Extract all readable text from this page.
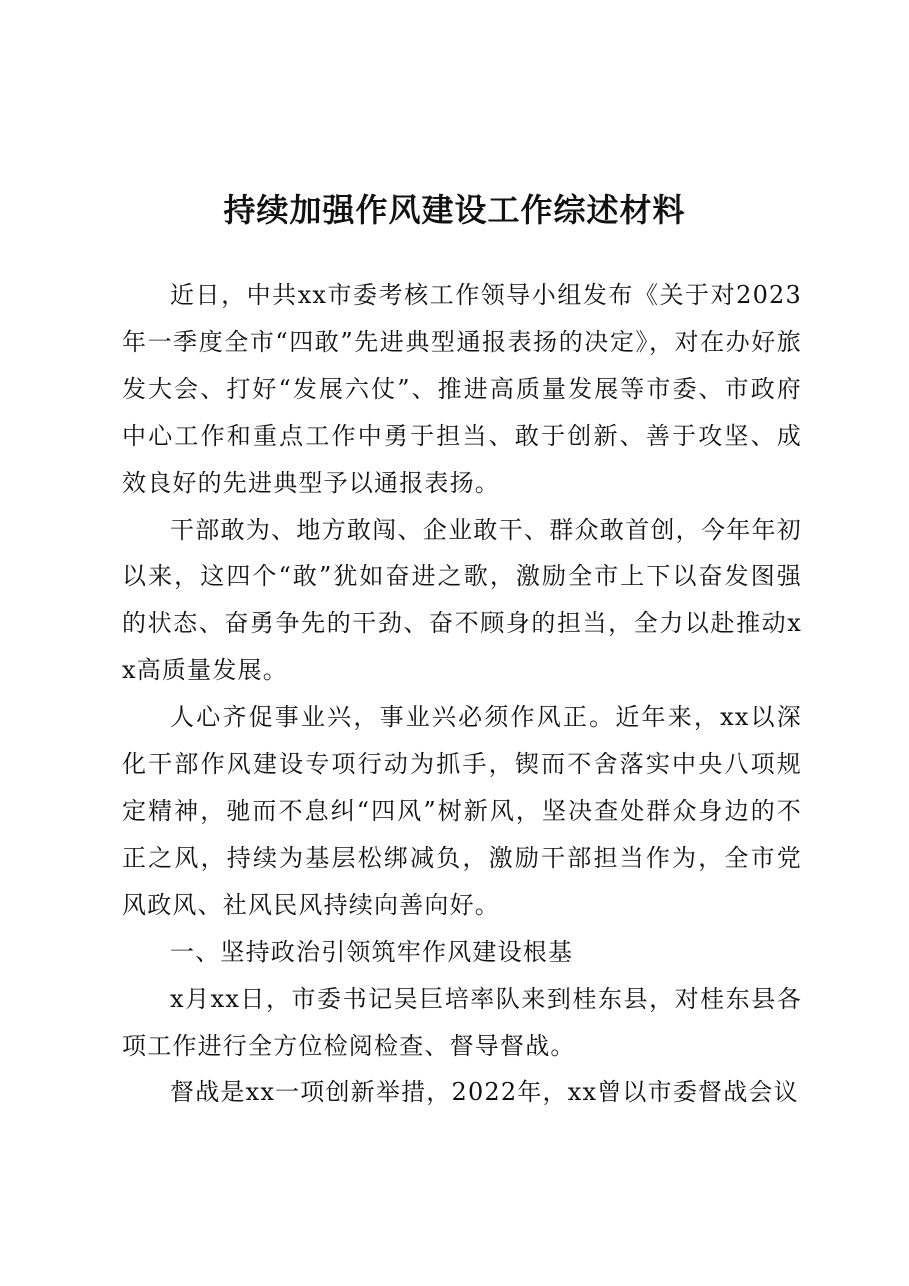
持续加强作风建设工作综述材料

近日，中共xx市委考核工作领导小组发布《关于对2023年一季度全市“四敢”先进典型通报表扬的决定》，对在办好旅发大会、打好“发展六仗”、推进高质量发展等市委、市政府中心工作和重点工作中勇于担当、敢于创新、善于攻坚、成效良好的先进典型予以通报表扬。

干部敢为、地方敢闯、企业敢干、群众敢首创，今年年初以来，这四个“敢”犹如奋进之歌，激励全市上下以奋发图强的状态、奋勇争先的干劲、奋不顾身的担当，全力以赴推动xx高质量发展。

人心齐促事业兴，事业兴必须作风正。近年来，xx以深化干部作风建设专项行动为抓手，锲而不舍落实中央八项规定精神，驰而不息纠“四风”树新风，坚决查处群众身边的不正之风，持续为基层松绑减负，激励干部担当作为，全市党风政风、社风民风持续向善向好。

一、坚持政治引领筑牢作风建设根基

x月xx日，市委书记吴巨培率队来到桂东县，对桂东县各项工作进行全方位检阅检查、督导督战。

督战是xx一项创新举措，2022年，xx曾以市委督战会议
